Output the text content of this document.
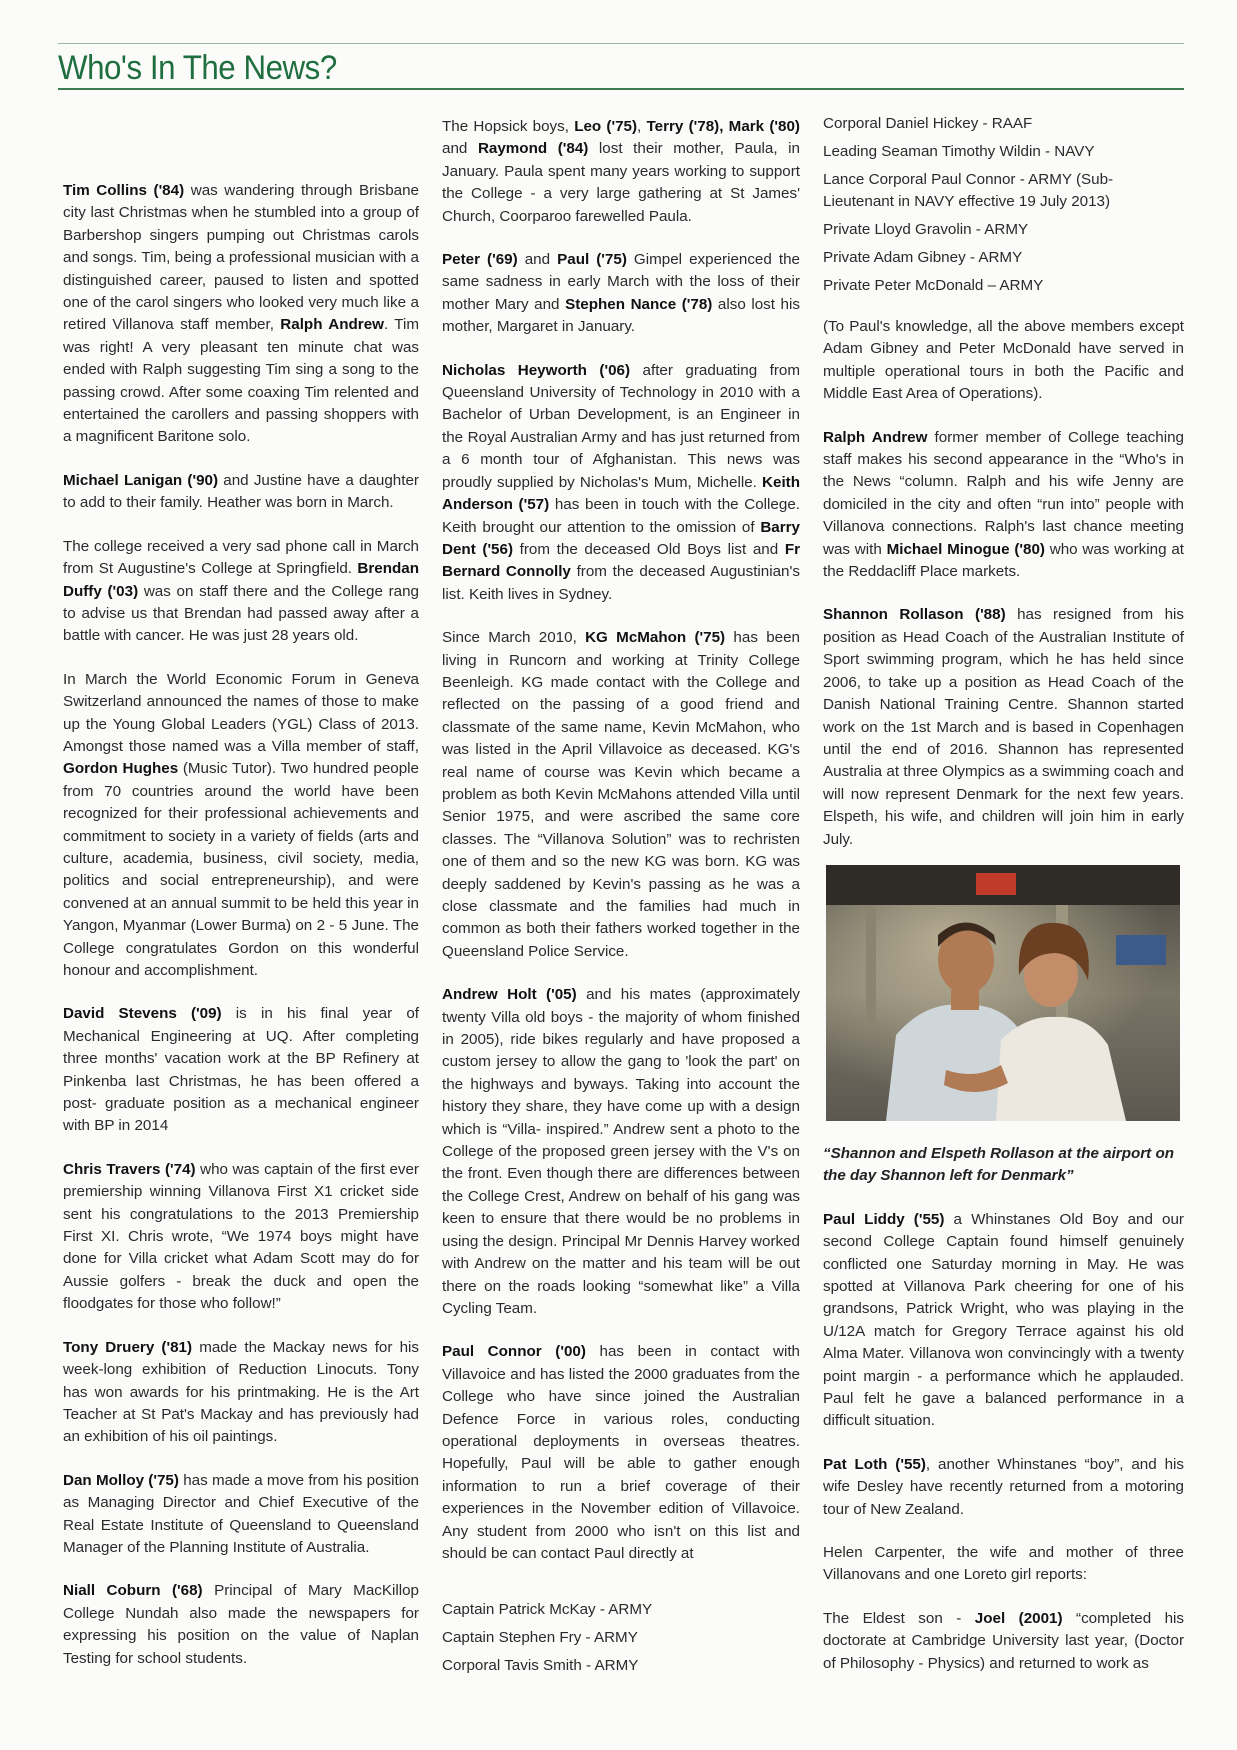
Who's In The News?

Tim Collins ('84) was wandering through Brisbane city last Christmas when he stumbled into a group of Barbershop singers pumping out Christmas carols and songs. Tim, being a professional musician with a distinguished career, paused to listen and spotted one of the carol singers who looked very much like a retired Villanova staff member, Ralph Andrew. Tim was right! A very pleasant ten minute chat was ended with Ralph suggesting Tim sing a song to the passing crowd. After some coaxing Tim relented and entertained the carollers and passing shoppers with a magnificent Baritone solo.

Michael Lanigan ('90) and Justine have a daughter to add to their family. Heather was born in March.

The college received a very sad phone call in March from St Augustine's College at Springfield. Brendan Duffy ('03) was on staff there and the College rang to advise us that Brendan had passed away after a battle with cancer. He was just 28 years old.

In March the World Economic Forum in Geneva Switzerland announced the names of those to make up the Young Global Leaders (YGL) Class of 2013. Amongst those named was a Villa member of staff, Gordon Hughes (Music Tutor). Two hundred people from 70 countries around the world have been recognized for their professional achievements and commitment to society in a variety of fields (arts and culture, academia, business, civil society, media, politics and social entrepreneurship), and were convened at an annual summit to be held this year in Yangon, Myanmar (Lower Burma) on 2 - 5 June. The College congratulates Gordon on this wonderful honour and accomplishment.

David Stevens ('09) is in his final year of Mechanical Engineering at UQ. After completing three months' vacation work at the BP Refinery at Pinkenba last Christmas, he has been offered a post- graduate position as a mechanical engineer with BP in 2014

Chris Travers ('74) who was captain of the first ever premiership winning Villanova First X1 cricket side sent his congratulations to the 2013 Premiership First XI. Chris wrote, “We 1974 boys might have done for Villa cricket what Adam Scott may do for Aussie golfers - break the duck and open the floodgates for those who follow!”

Tony Druery ('81) made the Mackay news for his week-long exhibition of Reduction Linocuts. Tony has won awards for his printmaking. He is the Art Teacher at St Pat's Mackay and has previously had an exhibition of his oil paintings.

Dan Molloy ('75) has made a move from his position as Managing Director and Chief Executive of the Real Estate Institute of Queensland to Queensland Manager of the Planning Institute of Australia.

Niall Coburn ('68) Principal of Mary MacKillop College Nundah also made the newspapers for expressing his position on the value of Naplan Testing for school students.

The Hopsick boys, Leo ('75), Terry ('78), Mark ('80) and Raymond ('84) lost their mother, Paula, in January. Paula spent many years working to support the College - a very large gathering at St James' Church, Coorparoo farewelled Paula.

Peter ('69) and Paul ('75) Gimpel experienced the same sadness in early March with the loss of their mother Mary and Stephen Nance ('78) also lost his mother, Margaret in January.

Nicholas Heyworth ('06) after graduating from Queensland University of Technology in 2010 with a Bachelor of Urban Development, is an Engineer in the Royal Australian Army and has just returned from a 6 month tour of Afghanistan. This news was proudly supplied by Nicholas's Mum, Michelle. Keith Anderson ('57) has been in touch with the College. Keith brought our attention to the omission of Barry Dent ('56) from the deceased Old Boys list and Fr Bernard Connolly from the deceased Augustinian's list. Keith lives in Sydney.

Since March 2010, KG McMahon ('75) has been living in Runcorn and working at Trinity College Beenleigh. KG made contact with the College and reflected on the passing of a good friend and classmate of the same name, Kevin McMahon, who was listed in the April Villavoice as deceased. KG's real name of course was Kevin which became a problem as both Kevin McMahons attended Villa until Senior 1975, and were ascribed the same core classes. The “Villanova Solution” was to rechristen one of them and so the new KG was born. KG was deeply saddened by Kevin's passing as he was a close classmate and the families had much in common as both their fathers worked together in the Queensland Police Service.

Andrew Holt ('05) and his mates (approximately twenty Villa old boys - the majority of whom finished in 2005), ride bikes regularly and have proposed a custom jersey to allow the gang to 'look the part' on the highways and byways. Taking into account the history they share, they have come up with a design which is “Villa- inspired.” Andrew sent a photo to the College of the proposed green jersey with the V's on the front. Even though there are differences between the College Crest, Andrew on behalf of his gang was keen to ensure that there would be no problems in using the design. Principal Mr Dennis Harvey worked with Andrew on the matter and his team will be out there on the roads looking “somewhat like” a Villa Cycling Team.

Paul Connor ('00) has been in contact with Villavoice and has listed the 2000 graduates from the College who have since joined the Australian Defence Force in various roles, conducting operational deployments in overseas theatres. Hopefully, Paul will be able to gather enough information to run a brief coverage of their experiences in the November edition of Villavoice. Any student from 2000 who isn't on this list and should be can contact Paul directly at

Captain Patrick McKay - ARMY

Captain Stephen Fry - ARMY

Corporal Tavis Smith - ARMY

Corporal Daniel Hickey - RAAF

Leading Seaman Timothy Wildin - NAVY

Lance Corporal Paul Connor - ARMY (Sub-Lieutenant in NAVY effective 19 July 2013)

Private Lloyd Gravolin - ARMY

Private Adam Gibney - ARMY

Private Peter McDonald – ARMY

(To Paul's knowledge, all the above members except Adam Gibney and Peter McDonald have served in multiple operational tours in both the Pacific and Middle East Area of Operations).

Ralph Andrew former member of College teaching staff makes his second appearance in the “Who's in the News “column. Ralph and his wife Jenny are domiciled in the city and often “run into” people with Villanova connections. Ralph's last chance meeting was with Michael Minogue ('80) who was working at the Reddacliff Place markets.

Shannon Rollason ('88) has resigned from his position as Head Coach of the Australian Institute of Sport swimming program, which he has held since 2006, to take up a position as Head Coach of the Danish National Training Centre. Shannon started work on the 1st March and is based in Copenhagen until the end of 2016. Shannon has represented Australia at three Olympics as a swimming coach and will now represent Denmark for the next few years. Elspeth, his wife, and children will join him in early July.

“Shannon and Elspeth Rollason at the airport on the day Shannon left for Denmark”

Paul Liddy ('55) a Whinstanes Old Boy and our second College Captain found himself genuinely conflicted one Saturday morning in May. He was spotted at Villanova Park cheering for one of his grandsons, Patrick Wright, who was playing in the U/12A match for Gregory Terrace against his old Alma Mater. Villanova won convincingly with a twenty point margin - a performance which he applauded. Paul felt he gave a balanced performance in a difficult situation.

Pat Loth ('55), another Whinstanes “boy”, and his wife Desley have recently returned from a motoring tour of New Zealand.

Helen Carpenter, the wife and mother of three Villanovans and one Loreto girl reports:

The Eldest son - Joel (2001) “completed his doctorate at Cambridge University last year, (Doctor of Philosophy - Physics) and returned to work as
